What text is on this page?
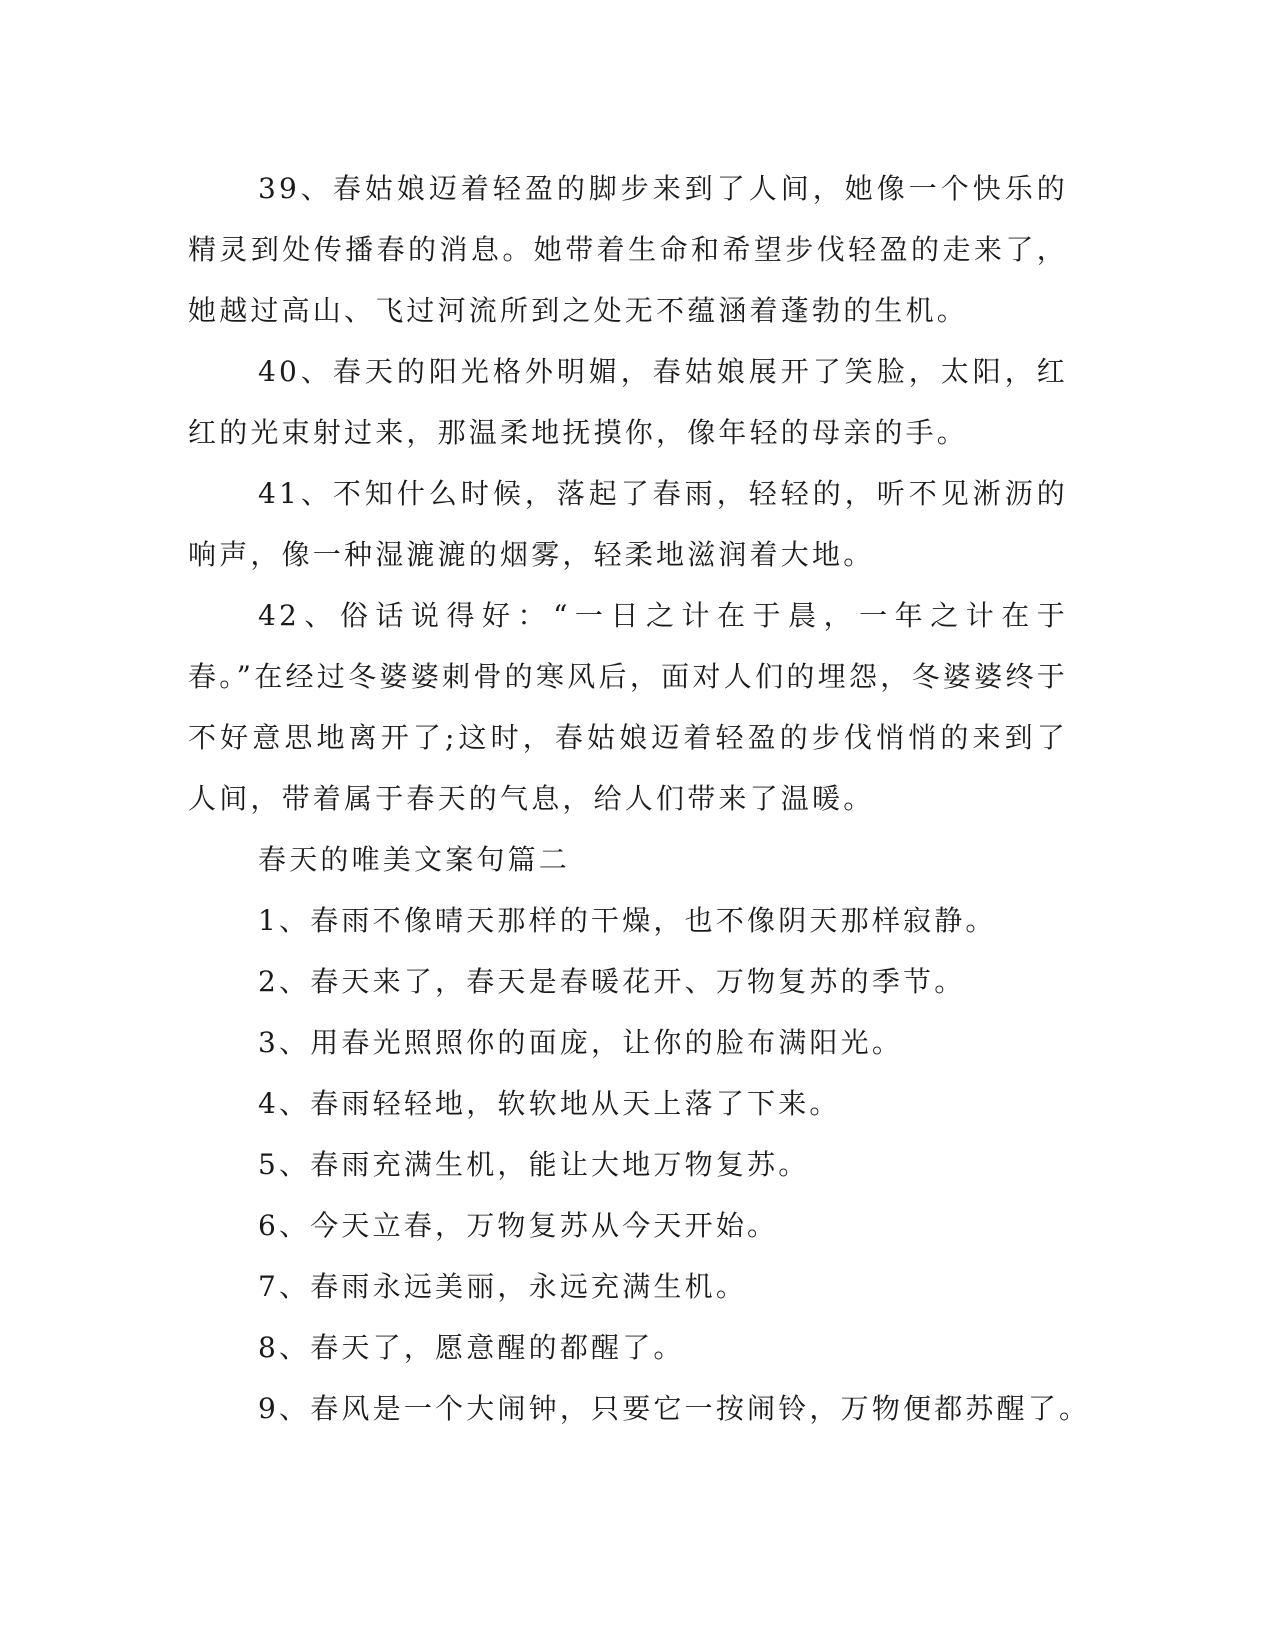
39、春姑娘迈着轻盈的脚步来到了人间，她像一个快乐的精灵到处传播春的消息。她带着生命和希望步伐轻盈的走来了，她越过高山、飞过河流所到之处无不蕴涵着蓬勃的生机。

40、春天的阳光格外明媚，春姑娘展开了笑脸，太阳，红红的光束射过来，那温柔地抚摸你，像年轻的母亲的手。

41、不知什么时候，落起了春雨，轻轻的，听不见淅沥的响声，像一种湿漉漉的烟雾，轻柔地滋润着大地。

42、俗话说得好：“一日之计在于晨，一年之计在于春。”在经过冬婆婆刺骨的寒风后，面对人们的埋怨，冬婆婆终于不好意思地离开了;这时，春姑娘迈着轻盈的步伐悄悄的来到了人间，带着属于春天的气息，给人们带来了温暖。

春天的唯美文案句篇二

1、春雨不像晴天那样的干燥，也不像阴天那样寂静。

2、春天来了，春天是春暖花开、万物复苏的季节。

3、用春光照照你的面庞，让你的脸布满阳光。

4、春雨轻轻地，软软地从天上落了下来。

5、春雨充满生机，能让大地万物复苏。

6、今天立春，万物复苏从今天开始。

7、春雨永远美丽，永远充满生机。

8、春天了，愿意醒的都醒了。

9、春风是一个大闹钟，只要它一按闹铃，万物便都苏醒了。
